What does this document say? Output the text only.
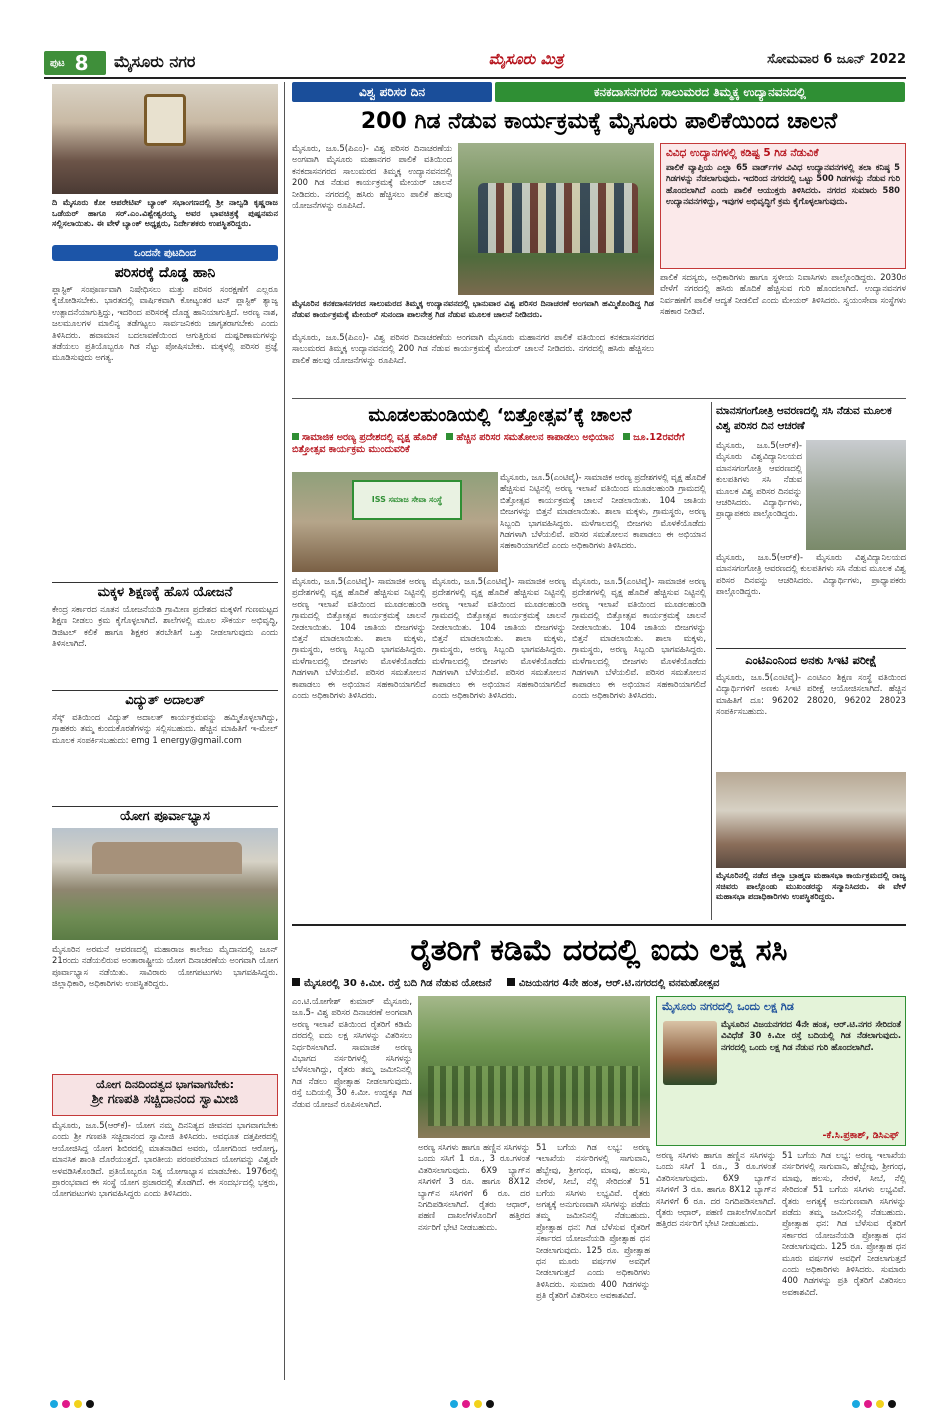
ಪುಟ 8 ಮೈಸೂರು ನಗರ	ಮೈಸೂರು ಮಿತ್ರ	ಸೋಮವಾರ 6 ಜೂನ್ 2022
ದಿ ಮೈಸೂರು ಕೋ ಆಪರೇಟಿವ್ ಬ್ಯಾಂಕ್ ಸಭಾಂಗಣದಲ್ಲಿ ಶ್ರೀ ನಾಲ್ವಡಿ ಕೃಷ್ಣರಾಜ ಒಡೆಯರ್ ಹಾಗೂ ಸರ್.ಎಂ.ವಿಶ್ವೇಶ್ವರಯ್ಯ ಅವರ ಭಾವಚಿತ್ರಕ್ಕೆ ಪುಷ್ಪನಮನ ಸಲ್ಲಿಸಲಾಯಿತು. ಈ ವೇಳೆ ಬ್ಯಾಂಕ್ ಅಧ್ಯಕ್ಷರು, ನಿರ್ದೇಶಕರು ಉಪಸ್ಥಿತರಿದ್ದರು.
ಒಂದನೇ ಪುಟದಿಂದ
ಪರಿಸರಕ್ಕೆ ದೊಡ್ಡ ಹಾನಿ
ಪ್ಲಾಸ್ಟಿಕ್ ಸಂಪೂರ್ಣವಾಗಿ ನಿಷೇಧಿಸಲು ಮತ್ತು ಪರಿಸರ ಸಂರಕ್ಷಣೆಗೆ ಎಲ್ಲರೂ ಕೈಜೋಡಿಸಬೇಕು. ಭಾರತದಲ್ಲಿ ವಾರ್ಷಿಕವಾಗಿ ಕೋಟ್ಯಂತರ ಟನ್ ಪ್ಲಾಸ್ಟಿಕ್ ತ್ಯಾಜ್ಯ ಉತ್ಪಾದನೆಯಾಗುತ್ತಿದ್ದು, ಇದರಿಂದ ಪರಿಸರಕ್ಕೆ ದೊಡ್ಡ ಹಾನಿಯಾಗುತ್ತಿದೆ. ಅರಣ್ಯ ನಾಶ, ಜಲಮೂಲಗಳ ಮಾಲಿನ್ಯ ತಡೆಗಟ್ಟಲು ಸಾರ್ವಜನಿಕರು ಜಾಗೃತರಾಗಬೇಕು ಎಂದು ತಿಳಿಸಿದರು. ಹವಾಮಾನ ಬದಲಾವಣೆಯಿಂದ ಆಗುತ್ತಿರುವ ದುಷ್ಪರಿಣಾಮಗಳನ್ನು ತಡೆಯಲು ಪ್ರತಿಯೊಬ್ಬರೂ ಗಿಡ ನೆಟ್ಟು ಪೋಷಿಸಬೇಕು. ಮಕ್ಕಳಲ್ಲಿ ಪರಿಸರ ಪ್ರಜ್ಞೆ ಮೂಡಿಸುವುದು ಅಗತ್ಯ.
ಮಕ್ಕಳ ಶಿಕ್ಷಣಕ್ಕೆ ಹೊಸ ಯೋಜನೆ
ಕೇಂದ್ರ ಸರ್ಕಾರದ ನೂತನ ಯೋಜನೆಯಡಿ ಗ್ರಾಮೀಣ ಪ್ರದೇಶದ ಮಕ್ಕಳಿಗೆ ಗುಣಮಟ್ಟದ ಶಿಕ್ಷಣ ನೀಡಲು ಕ್ರಮ ಕೈಗೊಳ್ಳಲಾಗಿದೆ. ಶಾಲೆಗಳಲ್ಲಿ ಮೂಲ ಸೌಕರ್ಯ ಅಭಿವೃದ್ಧಿ, ಡಿಜಿಟಲ್ ಕಲಿಕೆ ಹಾಗೂ ಶಿಕ್ಷಕರ ತರಬೇತಿಗೆ ಒತ್ತು ನೀಡಲಾಗುವುದು ಎಂದು ತಿಳಿಸಲಾಗಿದೆ.
ವಿದ್ಯುತ್ ಅದಾಲತ್
ಸೆಸ್ಕ್ ವತಿಯಿಂದ ವಿದ್ಯುತ್ ಅದಾಲತ್ ಕಾರ್ಯಕ್ರಮವನ್ನು ಹಮ್ಮಿಕೊಳ್ಳಲಾಗಿದ್ದು, ಗ್ರಾಹಕರು ತಮ್ಮ ಕುಂದುಕೊರತೆಗಳನ್ನು ಸಲ್ಲಿಸಬಹುದು. ಹೆಚ್ಚಿನ ಮಾಹಿತಿಗೆ ಇ-ಮೇಲ್ ಮೂಲಕ ಸಂಪರ್ಕಿಸಬಹುದು: emg 1 energy@gmail.com
ಯೋಗ ಪೂರ್ವಾಭ್ಯಾಸ
ಮೈಸೂರಿನ ಅರಮನೆ ಆವರಣದಲ್ಲಿ ಮಹಾರಾಜ ಕಾಲೇಜು ಮೈದಾನದಲ್ಲಿ ಜೂನ್ 21ರಂದು ನಡೆಯಲಿರುವ ಅಂತಾರಾಷ್ಟ್ರೀಯ ಯೋಗ ದಿನಾಚರಣೆಯ ಅಂಗವಾಗಿ ಯೋಗ ಪೂರ್ವಾಭ್ಯಾಸ ನಡೆಯಿತು. ಸಾವಿರಾರು ಯೋಗಪಟುಗಳು ಭಾಗವಹಿಸಿದ್ದರು. ಜಿಲ್ಲಾಧಿಕಾರಿ, ಅಧಿಕಾರಿಗಳು ಉಪಸ್ಥಿತರಿದ್ದರು.
ಯೋಗ ದಿನದಿಂದತ್ವದ ಭಾಗವಾಗಬೇಕು:
ಶ್ರೀ ಗಣಪತಿ ಸಚ್ಚಿದಾನಂದ ಸ್ವಾಮೀಜಿ
ಮೈಸೂರು, ಜೂ.5(ಆರ್‌ಕೆ)- ಯೋಗ ನಮ್ಮ ದಿನನಿತ್ಯದ ಜೀವನದ ಭಾಗವಾಗಬೇಕು ಎಂದು ಶ್ರೀ ಗಣಪತಿ ಸಚ್ಚಿದಾನಂದ ಸ್ವಾಮೀಜಿ ತಿಳಿಸಿದರು. ಅವಧೂತ ದತ್ತಪೀಠದಲ್ಲಿ ಆಯೋಜಿಸಿದ್ದ ಯೋಗ ಶಿಬಿರದಲ್ಲಿ ಮಾತನಾಡಿದ ಅವರು, ಯೋಗದಿಂದ ಆರೋಗ್ಯ, ಮಾನಸಿಕ ಶಾಂತಿ ದೊರೆಯುತ್ತದೆ. ಭಾರತೀಯ ಪರಂಪರೆಯಾದ ಯೋಗವನ್ನು ವಿಶ್ವವೇ ಅಳವಡಿಸಿಕೊಂಡಿದೆ. ಪ್ರತಿಯೊಬ್ಬರೂ ನಿತ್ಯ ಯೋಗಾಭ್ಯಾಸ ಮಾಡಬೇಕು. 1976ರಲ್ಲಿ ಪ್ರಾರಂಭವಾದ ಈ ಸಂಸ್ಥೆ ಯೋಗ ಪ್ರಚಾರದಲ್ಲಿ ತೊಡಗಿದೆ. ಈ ಸಂದರ್ಭದಲ್ಲಿ ಭಕ್ತರು, ಯೋಗಪಟುಗಳು ಭಾಗವಹಿಸಿದ್ದರು ಎಂದು ತಿಳಿಸಿದರು.
ವಿಶ್ವ ಪರಿಸರ ದಿನ	ಕನಕದಾಸನಗರದ ಸಾಲುಮರದ ತಿಮ್ಮಕ್ಕ ಉದ್ಯಾನವನದಲ್ಲಿ
200 ಗಿಡ ನೆಡುವ ಕಾರ್ಯಕ್ರಮಕ್ಕೆ ಮೈಸೂರು ಪಾಲಿಕೆಯಿಂದ ಚಾಲನೆ
ಮೈಸೂರು, ಜೂ.5(ಪಿಎಂ)- ವಿಶ್ವ ಪರಿಸರ ದಿನಾಚರಣೆಯ ಅಂಗವಾಗಿ ಮೈಸೂರು ಮಹಾನಗರ ಪಾಲಿಕೆ ವತಿಯಿಂದ ಕನಕದಾಸನಗರದ ಸಾಲುಮರದ ತಿಮ್ಮಕ್ಕ ಉದ್ಯಾನವನದಲ್ಲಿ 200 ಗಿಡ ನೆಡುವ ಕಾರ್ಯಕ್ರಮಕ್ಕೆ ಮೇಯರ್ ಚಾಲನೆ ನೀಡಿದರು. ನಗರದಲ್ಲಿ ಹಸಿರು ಹೆಚ್ಚಿಸಲು ಪಾಲಿಕೆ ಹಲವು ಯೋಜನೆಗಳನ್ನು ರೂಪಿಸಿದೆ.
ವಿವಿಧ ಉದ್ಯಾನಗಳಲ್ಲಿ ಕಡಿಷ್ಟ 5 ಗಿಡ ನೆಡುವಿಕೆ
ಪಾಲಿಕೆ ವ್ಯಾಪ್ತಿಯ ಎಲ್ಲಾ 65 ವಾರ್ಡ್‌ಗಳ ವಿವಿಧ ಉದ್ಯಾನವನಗಳಲ್ಲಿ ತಲಾ ಕನಿಷ್ಠ 5 ಗಿಡಗಳನ್ನು ನೆಡಲಾಗುವುದು. ಇದರಿಂದ ನಗರದಲ್ಲಿ ಒಟ್ಟು 500 ಗಿಡಗಳನ್ನು ನೆಡುವ ಗುರಿ ಹೊಂದಲಾಗಿದೆ ಎಂದು ಪಾಲಿಕೆ ಆಯುಕ್ತರು ತಿಳಿಸಿದರು. ನಗರದ ಸುಮಾರು 580 ಉದ್ಯಾನವನಗಳಿದ್ದು, ಇವುಗಳ ಅಭಿವೃದ್ಧಿಗೆ ಕ್ರಮ ಕೈಗೊಳ್ಳಲಾಗುವುದು.
ಮೈಸೂರಿನ ಕನಕದಾಸನಗರದ ಸಾಲುಮರದ ತಿಮ್ಮಕ್ಕ ಉದ್ಯಾನವನದಲ್ಲಿ ಭಾನುವಾರ ವಿಶ್ವ ಪರಿಸರ ದಿನಾಚರಣೆ ಅಂಗವಾಗಿ ಹಮ್ಮಿಕೊಂಡಿದ್ದ ಗಿಡ ನೆಡುವ ಕಾರ್ಯಕ್ರಮಕ್ಕೆ ಮೇಯರ್ ಸುನಂದಾ ಪಾಲನೇತ್ರ ಗಿಡ ನೆಡುವ ಮೂಲಕ ಚಾಲನೆ ನೀಡಿದರು.
ಪಾಲಿಕೆ ಸದಸ್ಯರು, ಅಧಿಕಾರಿಗಳು ಹಾಗೂ ಸ್ಥಳೀಯ ನಿವಾಸಿಗಳು ಪಾಲ್ಗೊಂಡಿದ್ದರು. 2030ರ ವೇಳೆಗೆ ನಗರದಲ್ಲಿ ಹಸಿರು ಹೊದಿಕೆ ಹೆಚ್ಚಿಸುವ ಗುರಿ ಹೊಂದಲಾಗಿದೆ. ಉದ್ಯಾನವನಗಳ ನಿರ್ವಹಣೆಗೆ ಪಾಲಿಕೆ ಆದ್ಯತೆ ನೀಡಲಿದೆ ಎಂದು ಮೇಯರ್ ತಿಳಿಸಿದರು. ಸ್ವಯಂಸೇವಾ ಸಂಸ್ಥೆಗಳು ಸಹಕಾರ ನೀಡಿವೆ.
ಮೈಸೂರು, ಜೂ.5(ಪಿಎಂ)- ವಿಶ್ವ ಪರಿಸರ ದಿನಾಚರಣೆಯ ಅಂಗವಾಗಿ ಮೈಸೂರು ಮಹಾನಗರ ಪಾಲಿಕೆ ವತಿಯಿಂದ ಕನಕದಾಸನಗರದ ಸಾಲುಮರದ ತಿಮ್ಮಕ್ಕ ಉದ್ಯಾನವನದಲ್ಲಿ 200 ಗಿಡ ನೆಡುವ ಕಾರ್ಯಕ್ರಮಕ್ಕೆ ಮೇಯರ್ ಚಾಲನೆ ನೀಡಿದರು. ನಗರದಲ್ಲಿ ಹಸಿರು ಹೆಚ್ಚಿಸಲು ಪಾಲಿಕೆ ಹಲವು ಯೋಜನೆಗಳನ್ನು ರೂಪಿಸಿದೆ.
ಮೂಡಲಹುಂಡಿಯಲ್ಲಿ ‘ಬಿತ್ತೋತ್ಸವ’ಕ್ಕೆ ಚಾಲನೆ
ಸಾಮಾಜಿಕ ಅರಣ್ಯ ಪ್ರದೇಶದಲ್ಲಿ ವೃಕ್ಷ ಹೊದಿಕೆ ಹೆಚ್ಚಿನ ಪರಿಸರ ಸಮತೋಲನ ಕಾಪಾಡಲು ಅಭಿಯಾನ ಜೂ.12ರವರೆಗೆ ಬಿತ್ತೋತ್ಸವ ಕಾರ್ಯಕ್ರಮ ಮುಂದುವರಿಕೆ
ISS ಸಮಾಜ ಸೇವಾ ಸಂಸ್ಥೆ
ಮೈಸೂರು, ಜೂ.5(ಎಂಟಿವೈ)- ಸಾಮಾಜಿಕ ಅರಣ್ಯ ಪ್ರದೇಶಗಳಲ್ಲಿ ವೃಕ್ಷ ಹೊದಿಕೆ ಹೆಚ್ಚಿಸುವ ನಿಟ್ಟಿನಲ್ಲಿ ಅರಣ್ಯ ಇಲಾಖೆ ವತಿಯಿಂದ ಮೂಡಲಹುಂಡಿ ಗ್ರಾಮದಲ್ಲಿ ಬಿತ್ತೋತ್ಸವ ಕಾರ್ಯಕ್ರಮಕ್ಕೆ ಚಾಲನೆ ನೀಡಲಾಯಿತು. 104 ಜಾತಿಯ ಬೀಜಗಳನ್ನು ಬಿತ್ತನೆ ಮಾಡಲಾಯಿತು. ಶಾಲಾ ಮಕ್ಕಳು, ಗ್ರಾಮಸ್ಥರು, ಅರಣ್ಯ ಸಿಬ್ಬಂದಿ ಭಾಗವಹಿಸಿದ್ದರು. ಮಳೆಗಾಲದಲ್ಲಿ ಬೀಜಗಳು ಮೊಳಕೆಯೊಡೆದು ಗಿಡಗಳಾಗಿ ಬೆಳೆಯಲಿವೆ. ಪರಿಸರ ಸಮತೋಲನ ಕಾಪಾಡಲು ಈ ಅಭಿಯಾನ ಸಹಕಾರಿಯಾಗಲಿದೆ ಎಂದು ಅಧಿಕಾರಿಗಳು ತಿಳಿಸಿದರು.
ಮೈಸೂರು, ಜೂ.5(ಎಂಟಿವೈ)- ಸಾಮಾಜಿಕ ಅರಣ್ಯ ಪ್ರದೇಶಗಳಲ್ಲಿ ವೃಕ್ಷ ಹೊದಿಕೆ ಹೆಚ್ಚಿಸುವ ನಿಟ್ಟಿನಲ್ಲಿ ಅರಣ್ಯ ಇಲಾಖೆ ವತಿಯಿಂದ ಮೂಡಲಹುಂಡಿ ಗ್ರಾಮದಲ್ಲಿ ಬಿತ್ತೋತ್ಸವ ಕಾರ್ಯಕ್ರಮಕ್ಕೆ ಚಾಲನೆ ನೀಡಲಾಯಿತು. 104 ಜಾತಿಯ ಬೀಜಗಳನ್ನು ಬಿತ್ತನೆ ಮಾಡಲಾಯಿತು. ಶಾಲಾ ಮಕ್ಕಳು, ಗ್ರಾಮಸ್ಥರು, ಅರಣ್ಯ ಸಿಬ್ಬಂದಿ ಭಾಗವಹಿಸಿದ್ದರು. ಮಳೆಗಾಲದಲ್ಲಿ ಬೀಜಗಳು ಮೊಳಕೆಯೊಡೆದು ಗಿಡಗಳಾಗಿ ಬೆಳೆಯಲಿವೆ. ಪರಿಸರ ಸಮತೋಲನ ಕಾಪಾಡಲು ಈ ಅಭಿಯಾನ ಸಹಕಾರಿಯಾಗಲಿದೆ ಎಂದು ಅಧಿಕಾರಿಗಳು ತಿಳಿಸಿದರು.
ಮೈಸೂರು, ಜೂ.5(ಎಂಟಿವೈ)- ಸಾಮಾಜಿಕ ಅರಣ್ಯ ಪ್ರದೇಶಗಳಲ್ಲಿ ವೃಕ್ಷ ಹೊದಿಕೆ ಹೆಚ್ಚಿಸುವ ನಿಟ್ಟಿನಲ್ಲಿ ಅರಣ್ಯ ಇಲಾಖೆ ವತಿಯಿಂದ ಮೂಡಲಹುಂಡಿ ಗ್ರಾಮದಲ್ಲಿ ಬಿತ್ತೋತ್ಸವ ಕಾರ್ಯಕ್ರಮಕ್ಕೆ ಚಾಲನೆ ನೀಡಲಾಯಿತು. 104 ಜಾತಿಯ ಬೀಜಗಳನ್ನು ಬಿತ್ತನೆ ಮಾಡಲಾಯಿತು. ಶಾಲಾ ಮಕ್ಕಳು, ಗ್ರಾಮಸ್ಥರು, ಅರಣ್ಯ ಸಿಬ್ಬಂದಿ ಭಾಗವಹಿಸಿದ್ದರು. ಮಳೆಗಾಲದಲ್ಲಿ ಬೀಜಗಳು ಮೊಳಕೆಯೊಡೆದು ಗಿಡಗಳಾಗಿ ಬೆಳೆಯಲಿವೆ. ಪರಿಸರ ಸಮತೋಲನ ಕಾಪಾಡಲು ಈ ಅಭಿಯಾನ ಸಹಕಾರಿಯಾಗಲಿದೆ ಎಂದು ಅಧಿಕಾರಿಗಳು ತಿಳಿಸಿದರು.
ಮೈಸೂರು, ಜೂ.5(ಎಂಟಿವೈ)- ಸಾಮಾಜಿಕ ಅರಣ್ಯ ಪ್ರದೇಶಗಳಲ್ಲಿ ವೃಕ್ಷ ಹೊದಿಕೆ ಹೆಚ್ಚಿಸುವ ನಿಟ್ಟಿನಲ್ಲಿ ಅರಣ್ಯ ಇಲಾಖೆ ವತಿಯಿಂದ ಮೂಡಲಹುಂಡಿ ಗ್ರಾಮದಲ್ಲಿ ಬಿತ್ತೋತ್ಸವ ಕಾರ್ಯಕ್ರಮಕ್ಕೆ ಚಾಲನೆ ನೀಡಲಾಯಿತು. 104 ಜಾತಿಯ ಬೀಜಗಳನ್ನು ಬಿತ್ತನೆ ಮಾಡಲಾಯಿತು. ಶಾಲಾ ಮಕ್ಕಳು, ಗ್ರಾಮಸ್ಥರು, ಅರಣ್ಯ ಸಿಬ್ಬಂದಿ ಭಾಗವಹಿಸಿದ್ದರು. ಮಳೆಗಾಲದಲ್ಲಿ ಬೀಜಗಳು ಮೊಳಕೆಯೊಡೆದು ಗಿಡಗಳಾಗಿ ಬೆಳೆಯಲಿವೆ. ಪರಿಸರ ಸಮತೋಲನ ಕಾಪಾಡಲು ಈ ಅಭಿಯಾನ ಸಹಕಾರಿಯಾಗಲಿದೆ ಎಂದು ಅಧಿಕಾರಿಗಳು ತಿಳಿಸಿದರು.
ಮಾನಸಗಂಗೋತ್ರಿ ಆವರಣದಲ್ಲಿ ಸಸಿ ನೆಡುವ ಮೂಲಕ ವಿಶ್ವ ಪರಿಸರ ದಿನ ಆಚರಣೆ
ಮೈಸೂರು, ಜೂ.5(ಆರ್‌ಕೆ)- ಮೈಸೂರು ವಿಶ್ವವಿದ್ಯಾನಿಲಯದ ಮಾನಸಗಂಗೋತ್ರಿ ಆವರಣದಲ್ಲಿ ಕುಲಪತಿಗಳು ಸಸಿ ನೆಡುವ ಮೂಲಕ ವಿಶ್ವ ಪರಿಸರ ದಿನವನ್ನು ಆಚರಿಸಿದರು. ವಿದ್ಯಾರ್ಥಿಗಳು, ಪ್ರಾಧ್ಯಾಪಕರು ಪಾಲ್ಗೊಂಡಿದ್ದರು.
ಮೈಸೂರು, ಜೂ.5(ಆರ್‌ಕೆ)- ಮೈಸೂರು ವಿಶ್ವವಿದ್ಯಾನಿಲಯದ ಮಾನಸಗಂಗೋತ್ರಿ ಆವರಣದಲ್ಲಿ ಕುಲಪತಿಗಳು ಸಸಿ ನೆಡುವ ಮೂಲಕ ವಿಶ್ವ ಪರಿಸರ ದಿನವನ್ನು ಆಚರಿಸಿದರು. ವಿದ್ಯಾರ್ಥಿಗಳು, ಪ್ರಾಧ್ಯಾಪಕರು ಪಾಲ್ಗೊಂಡಿದ್ದರು.
ಎಂಟಿಎಂನಿಂದ ಅನಕು ಸಿಇಟಿ ಪರೀಕ್ಷೆ
ಮೈಸೂರು, ಜೂ.5(ಎಂಟಿವೈ)- ಎಂಟಿಎಂ ಶಿಕ್ಷಣ ಸಂಸ್ಥೆ ವತಿಯಿಂದ ವಿದ್ಯಾರ್ಥಿಗಳಿಗೆ ಅಣಕು ಸಿಇಟಿ ಪರೀಕ್ಷೆ ಆಯೋಜಿಸಲಾಗಿದೆ. ಹೆಚ್ಚಿನ ಮಾಹಿತಿಗೆ ದೂ: 96202 28020, 96202 28023 ಸಂಪರ್ಕಿಸಬಹುದು.
ಮೈಸೂರಿನಲ್ಲಿ ನಡೆದ ಜಿಲ್ಲಾ ಬ್ರಾಹ್ಮಣ ಮಹಾಸಭಾ ಕಾರ್ಯಕ್ರಮದಲ್ಲಿ ರಾಜ್ಯ ಸಚಿವರು ಪಾಲ್ಗೊಂಡು ಮುಖಂಡರನ್ನು ಸನ್ಮಾನಿಸಿದರು. ಈ ವೇಳೆ ಮಹಾಸಭಾ ಪದಾಧಿಕಾರಿಗಳು ಉಪಸ್ಥಿತರಿದ್ದರು.
ರೈತರಿಗೆ ಕಡಿಮೆ ದರದಲ್ಲಿ ಐದು ಲಕ್ಷ ಸಸಿ
ಮೈಸೂರಲ್ಲಿ 30 ಕಿ.ಮೀ. ರಸ್ತೆ ಬದಿ ಗಿಡ ನೆಡುವ ಯೋಜನೆ	ವಿಜಯನಗರ 4ನೇ ಹಂತ, ಆರ್.ಟಿ.ನಗರದಲ್ಲಿ ವನಮಹೋತ್ಸವ
ಎಂ.ಟಿ.ಯೋಗೇಶ್ ಕುಮಾರ್ ಮೈಸೂರು, ಜೂ.5- ವಿಶ್ವ ಪರಿಸರ ದಿನಾಚರಣೆ ಅಂಗವಾಗಿ ಅರಣ್ಯ ಇಲಾಖೆ ವತಿಯಿಂದ ರೈತರಿಗೆ ಕಡಿಮೆ ದರದಲ್ಲಿ ಐದು ಲಕ್ಷ ಸಸಿಗಳನ್ನು ವಿತರಿಸಲು ನಿರ್ಧರಿಸಲಾಗಿದೆ. ಸಾಮಾಜಿಕ ಅರಣ್ಯ ವಿಭಾಗದ ನರ್ಸರಿಗಳಲ್ಲಿ ಸಸಿಗಳನ್ನು ಬೆಳೆಸಲಾಗಿದ್ದು, ರೈತರು ತಮ್ಮ ಜಮೀನಿನಲ್ಲಿ ಗಿಡ ನೆಡಲು ಪ್ರೋತ್ಸಾಹ ನೀಡಲಾಗುವುದು. ರಸ್ತೆ ಬದಿಯಲ್ಲಿ 30 ಕಿ.ಮೀ. ಉದ್ದಕ್ಕೂ ಗಿಡ ನೆಡುವ ಯೋಜನೆ ರೂಪಿಸಲಾಗಿದೆ.
ಮೈಸೂರು ನಗರದಲ್ಲಿ ಒಂದು ಲಕ್ಷ ಗಿಡ
ಮೈಸೂರಿನ ವಿಜಯನಗರದ 4ನೇ ಹಂತ, ಆರ್.ಟಿ.ನಗರ ಸೇರಿದಂತೆ ವಿವಿಧೆಡೆ 30 ಕಿ.ಮೀ ರಸ್ತೆ ಬದಿಯಲ್ಲಿ ಗಿಡ ನೆಡಲಾಗುವುದು. ನಗರದಲ್ಲಿ ಒಂದು ಲಕ್ಷ ಗಿಡ ನೆಡುವ ಗುರಿ ಹೊಂದಲಾಗಿದೆ.
-ಕೆ.ಸಿ.ಪ್ರಕಾಶ್, ಡಿಸಿಎಫ್
ಅರಣ್ಯ ಸಸಿಗಳು ಹಾಗೂ ಹಣ್ಣಿನ ಸಸಿಗಳನ್ನು ಒಂದು ಸಸಿಗೆ 1 ರೂ., 3 ರೂ.ಗಳಂತೆ ವಿತರಿಸಲಾಗುವುದು. 6X9 ಬ್ಯಾಗ್‌ನ ಸಸಿಗಳಿಗೆ 3 ರೂ. ಹಾಗೂ 8X12 ಬ್ಯಾಗ್‌ನ ಸಸಿಗಳಿಗೆ 6 ರೂ. ದರ ನಿಗದಿಪಡಿಸಲಾಗಿದೆ. ರೈತರು ಆಧಾರ್, ಪಹಣಿ ದಾಖಲೆಗಳೊಂದಿಗೆ ಹತ್ತಿರದ ನರ್ಸರಿಗೆ ಭೇಟಿ ನೀಡಬಹುದು.
51 ಬಗೆಯ ಗಿಡ ಲಭ್ಯ: ಅರಣ್ಯ ಇಲಾಖೆಯ ನರ್ಸರಿಗಳಲ್ಲಿ ಸಾಗುವಾನಿ, ಹೆಬ್ಬೇವು, ಶ್ರೀಗಂಧ, ಮಾವು, ಹಲಸು, ನೇರಳೆ, ಸೀಬೆ, ನೆಲ್ಲಿ ಸೇರಿದಂತೆ 51 ಬಗೆಯ ಸಸಿಗಳು ಲಭ್ಯವಿವೆ. ರೈತರು ಅಗತ್ಯಕ್ಕೆ ಅನುಗುಣವಾಗಿ ಸಸಿಗಳನ್ನು ಪಡೆದು ತಮ್ಮ ಜಮೀನಿನಲ್ಲಿ ನೆಡಬಹುದು. ಪ್ರೋತ್ಸಾಹ ಧನ: ಗಿಡ ಬೆಳೆಸುವ ರೈತರಿಗೆ ಸರ್ಕಾರದ ಯೋಜನೆಯಡಿ ಪ್ರೋತ್ಸಾಹ ಧನ ನೀಡಲಾಗುವುದು. 125 ರೂ. ಪ್ರೋತ್ಸಾಹ ಧನ ಮೂರು ವರ್ಷಗಳ ಅವಧಿಗೆ ನೀಡಲಾಗುತ್ತದೆ ಎಂದು ಅಧಿಕಾರಿಗಳು ತಿಳಿಸಿದರು. ಸುಮಾರು 400 ಗಿಡಗಳನ್ನು ಪ್ರತಿ ರೈತರಿಗೆ ವಿತರಿಸಲು ಅವಕಾಶವಿದೆ.
ಅರಣ್ಯ ಸಸಿಗಳು ಹಾಗೂ ಹಣ್ಣಿನ ಸಸಿಗಳನ್ನು ಒಂದು ಸಸಿಗೆ 1 ರೂ., 3 ರೂ.ಗಳಂತೆ ವಿತರಿಸಲಾಗುವುದು. 6X9 ಬ್ಯಾಗ್‌ನ ಸಸಿಗಳಿಗೆ 3 ರೂ. ಹಾಗೂ 8X12 ಬ್ಯಾಗ್‌ನ ಸಸಿಗಳಿಗೆ 6 ರೂ. ದರ ನಿಗದಿಪಡಿಸಲಾಗಿದೆ. ರೈತರು ಆಧಾರ್, ಪಹಣಿ ದಾಖಲೆಗಳೊಂದಿಗೆ ಹತ್ತಿರದ ನರ್ಸರಿಗೆ ಭೇಟಿ ನೀಡಬಹುದು.
51 ಬಗೆಯ ಗಿಡ ಲಭ್ಯ: ಅರಣ್ಯ ಇಲಾಖೆಯ ನರ್ಸರಿಗಳಲ್ಲಿ ಸಾಗುವಾನಿ, ಹೆಬ್ಬೇವು, ಶ್ರೀಗಂಧ, ಮಾವು, ಹಲಸು, ನೇರಳೆ, ಸೀಬೆ, ನೆಲ್ಲಿ ಸೇರಿದಂತೆ 51 ಬಗೆಯ ಸಸಿಗಳು ಲಭ್ಯವಿವೆ. ರೈತರು ಅಗತ್ಯಕ್ಕೆ ಅನುಗುಣವಾಗಿ ಸಸಿಗಳನ್ನು ಪಡೆದು ತಮ್ಮ ಜಮೀನಿನಲ್ಲಿ ನೆಡಬಹುದು. ಪ್ರೋತ್ಸಾಹ ಧನ: ಗಿಡ ಬೆಳೆಸುವ ರೈತರಿಗೆ ಸರ್ಕಾರದ ಯೋಜನೆಯಡಿ ಪ್ರೋತ್ಸಾಹ ಧನ ನೀಡಲಾಗುವುದು. 125 ರೂ. ಪ್ರೋತ್ಸಾಹ ಧನ ಮೂರು ವರ್ಷಗಳ ಅವಧಿಗೆ ನೀಡಲಾಗುತ್ತದೆ ಎಂದು ಅಧಿಕಾರಿಗಳು ತಿಳಿಸಿದರು. ಸುಮಾರು 400 ಗಿಡಗಳನ್ನು ಪ್ರತಿ ರೈತರಿಗೆ ವಿತರಿಸಲು ಅವಕಾಶವಿದೆ.
